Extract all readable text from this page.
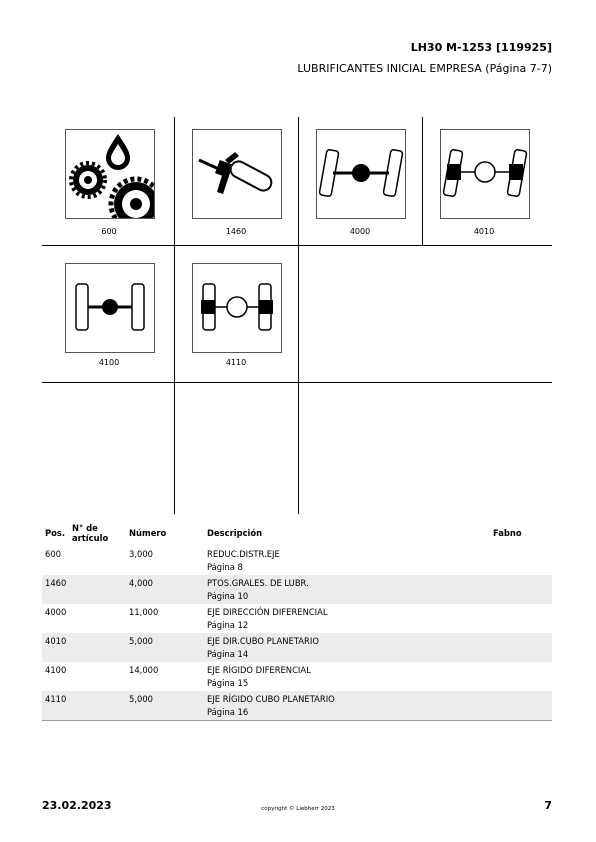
LH30 M-1253 [119925]
LUBRIFICANTES INICIAL EMPRESA (Página 7-7)
600	1460	4000	4010
4100	4110
Pos.	N° de artículo	Número	Descripción	Fabno
600		3,000	REDUC.DISTR.EJE
Página 8	

1460		4,000	PTOS.GRALES. DE LUBR.
Página 10	

4000		11,000	EJE DIRECCIÓN DIFERENCIAL
Página 12	

4010		5,000	EJE DIR.CUBO PLANETARIO
Página 14	

4100		14,000	EJE RÍGIDO DIFERENCIAL
Página 15	

4110		5,000	EJE RÍGIDO CUBO PLANETARIO
Página 16	

23.02.2023	copyright © Liebherr 2023	7
